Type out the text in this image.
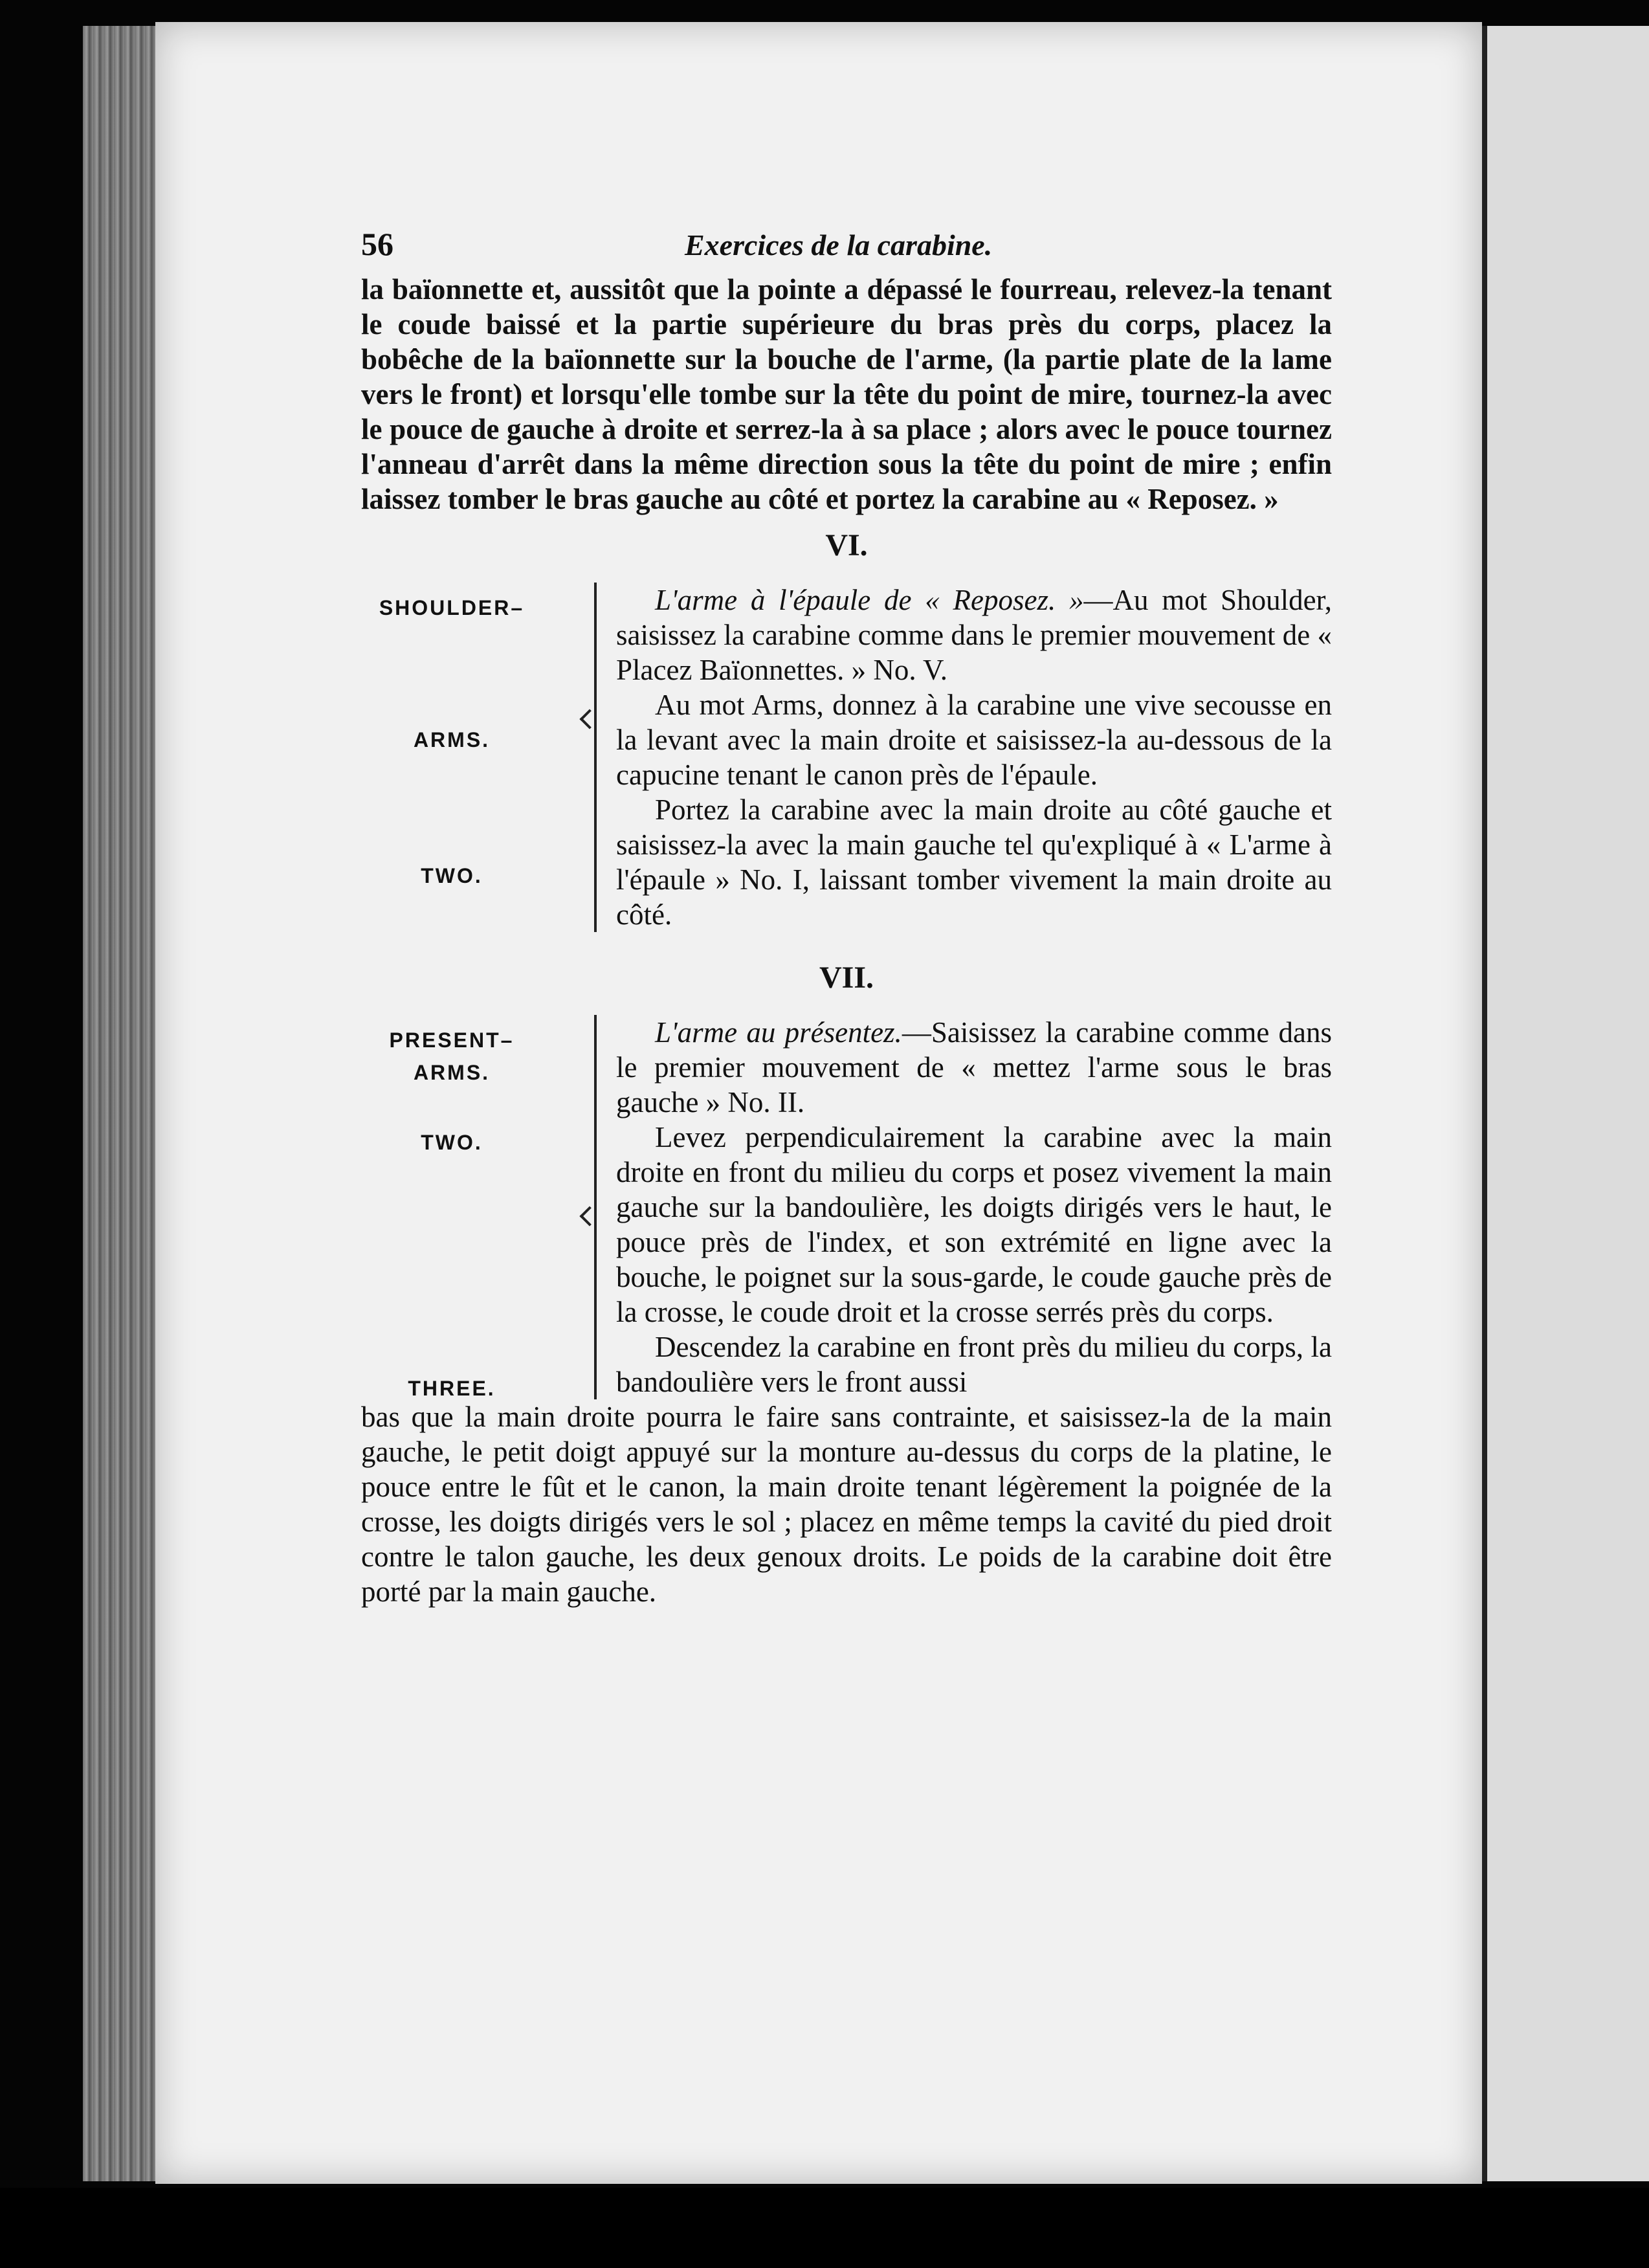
56	Exercices de la carabine.

la baïonnette et, aussitôt que la pointe a dépassé le fourreau, relevez-la tenant le coude baissé et la partie supérieure du bras près du corps, placez la bobêche de la baïonnette sur la bouche de l'arme, (la partie plate de la lame vers le front) et lorsqu'elle tombe sur la tête du point de mire, tournez-la avec le pouce de gauche à droite et serrez-la à sa place ; alors avec le pouce tournez l'anneau d'arrêt dans la même direction sous la tête du point de mire ; enfin laissez tomber le bras gauche au côté et portez la carabine au « Reposez. »

VI.
SHOULDER–
ARMS.
TWO.

L'arme à l'épaule de « Reposez. »—Au mot Shoulder, saisissez la carabine comme dans le premier mouvement de « Placez Baïonnettes. » No. V.

Au mot Arms, donnez à la carabine une vive secousse en la levant avec la main droite et saisissez-la au-dessous de la capucine tenant le canon près de l'épaule.

Portez la carabine avec la main droite au côté gauche et saisissez-la avec la main gauche tel qu'expliqué à « L'arme à l'épaule » No. I, laissant tomber vivement la main droite au côté.

VII.
PRESENT–
ARMS.
TWO.
THREE.

L'arme au présentez.—Saisissez la carabine comme dans le premier mouvement de « mettez l'arme sous le bras gauche » No. II.

Levez perpendiculairement la carabine avec la main droite en front du milieu du corps et posez vivement la main gauche sur la bandoulière, les doigts dirigés vers le haut, le pouce près de l'index, et son extrémité en ligne avec la bouche, le poignet sur la sous-garde, le coude gauche près de la crosse, le coude droit et la crosse serrés près du corps.

Descendez la carabine en front près du milieu du corps, la bandoulière vers le front aussi

bas que la main droite pourra le faire sans contrainte, et saisissez-la de la main gauche, le petit doigt appuyé sur la monture au-dessus du corps de la platine, le pouce entre le fût et le canon, la main droite tenant légèrement la poignée de la crosse, les doigts dirigés vers le sol ; placez en même temps la cavité du pied droit contre le talon gauche, les deux genoux droits. Le poids de la carabine doit être porté par la main gauche.
